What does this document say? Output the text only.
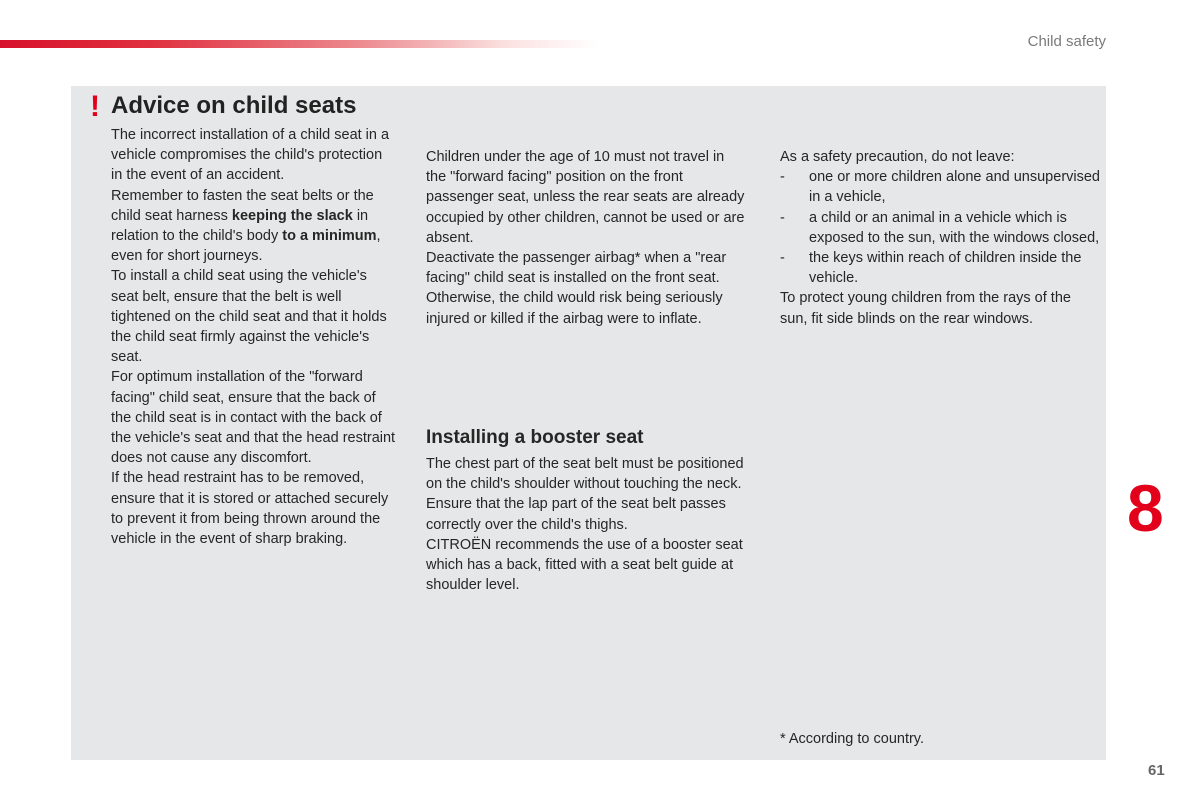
Child safety
! Advice on child seats

The incorrect installation of a child seat in a vehicle compromises the child's protection in the event of an accident.

Remember to fasten the seat belts or the child seat harness keeping the slack in relation to the child's body to a minimum, even for short journeys.

To install a child seat using the vehicle's seat belt, ensure that the belt is well tightened on the child seat and that it holds the child seat firmly against the vehicle's seat.

For optimum installation of the "forward facing" child seat, ensure that the back of the child seat is in contact with the back of the vehicle's seat and that the head restraint does not cause any discomfort.

If the head restraint has to be removed, ensure that it is stored or attached securely to prevent it from being thrown around the vehicle in the event of sharp braking.

Children under the age of 10 must not travel in the "forward facing" position on the front passenger seat, unless the rear seats are already occupied by other children, cannot be used or are absent.

Deactivate the passenger airbag* when a "rear facing" child seat is installed on the front seat.

Otherwise, the child would risk being seriously injured or killed if the airbag were to inflate.

Installing a booster seat

The chest part of the seat belt must be positioned on the child's shoulder without touching the neck.

Ensure that the lap part of the seat belt passes correctly over the child's thighs.

CITROËN recommends the use of a booster seat which has a back, fitted with a seat belt guide at shoulder level.

As a safety precaution, do not leave:

- one or more children alone and unsupervised in a vehicle,
- a child or an animal in a vehicle which is exposed to the sun, with the windows closed,
- the keys within reach of children inside the vehicle.

To protect young children from the rays of the sun, fit side blinds on the rear windows.

* According to country.
8
61
